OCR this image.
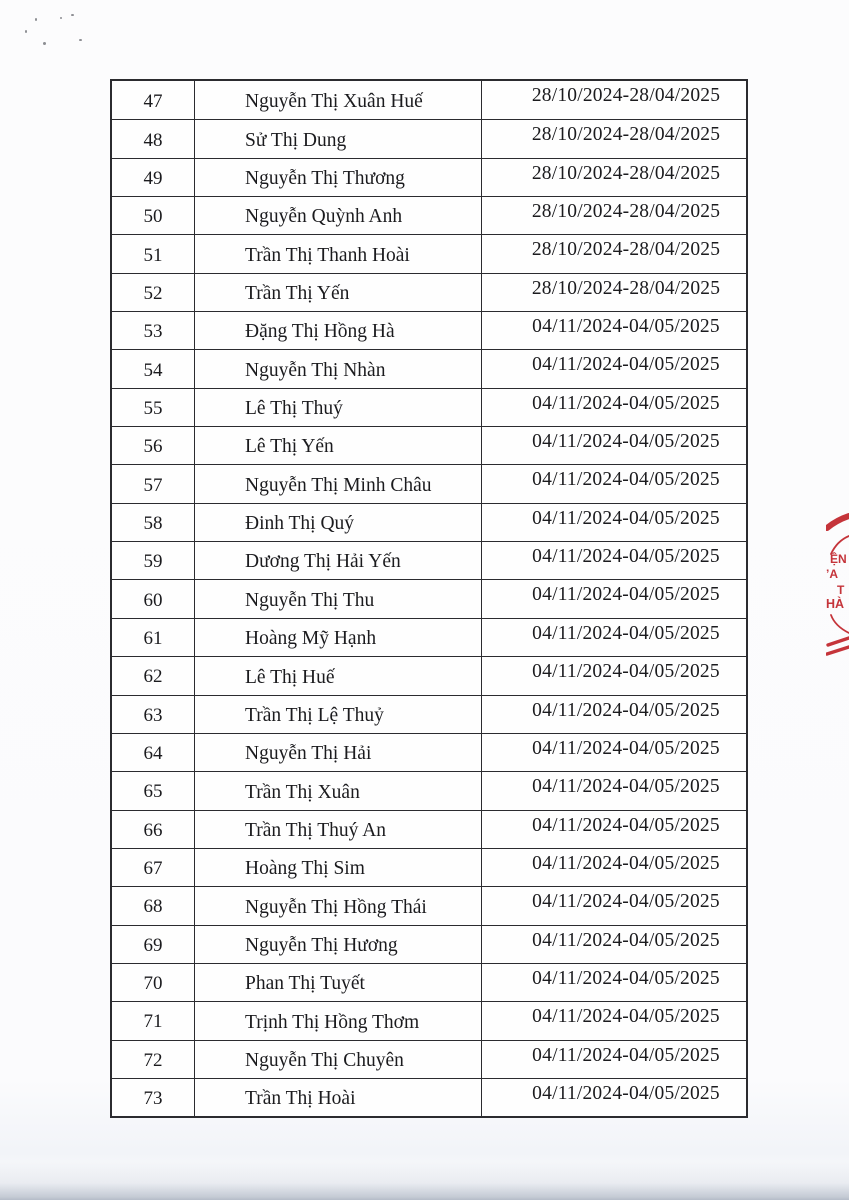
47	Nguyễn Thị Xuân Huế	28/10/2024-28/04/2025
48	Sử Thị Dung	28/10/2024-28/04/2025
49	Nguyễn Thị Thương	28/10/2024-28/04/2025
50	Nguyễn Quỳnh Anh	28/10/2024-28/04/2025
51	Trần Thị Thanh Hoài	28/10/2024-28/04/2025
52	Trần Thị Yến	28/10/2024-28/04/2025
53	Đặng Thị Hồng Hà	04/11/2024-04/05/2025
54	Nguyễn Thị Nhàn	04/11/2024-04/05/2025
55	Lê Thị Thuý	04/11/2024-04/05/2025
56	Lê Thị Yến	04/11/2024-04/05/2025
57	Nguyễn Thị Minh Châu	04/11/2024-04/05/2025
58	Đinh Thị Quý	04/11/2024-04/05/2025
59	Dương Thị Hải Yến	04/11/2024-04/05/2025
60	Nguyễn Thị Thu	04/11/2024-04/05/2025
61	Hoàng Mỹ Hạnh	04/11/2024-04/05/2025
62	Lê Thị Huế	04/11/2024-04/05/2025
63	Trần Thị Lệ Thuỷ	04/11/2024-04/05/2025
64	Nguyễn Thị Hải	04/11/2024-04/05/2025
65	Trần Thị Xuân	04/11/2024-04/05/2025
66	Trần Thị Thuý An	04/11/2024-04/05/2025
67	Hoàng Thị Sim	04/11/2024-04/05/2025
68	Nguyễn Thị Hồng Thái	04/11/2024-04/05/2025
69	Nguyễn Thị Hương	04/11/2024-04/05/2025
70	Phan Thị Tuyết	04/11/2024-04/05/2025
71	Trịnh Thị Hồng Thơm	04/11/2024-04/05/2025
72	Nguyễn Thị Chuyên	04/11/2024-04/05/2025
73	Trần Thị Hoài	04/11/2024-04/05/2025
ỆN
ʼA
T
HÀ
